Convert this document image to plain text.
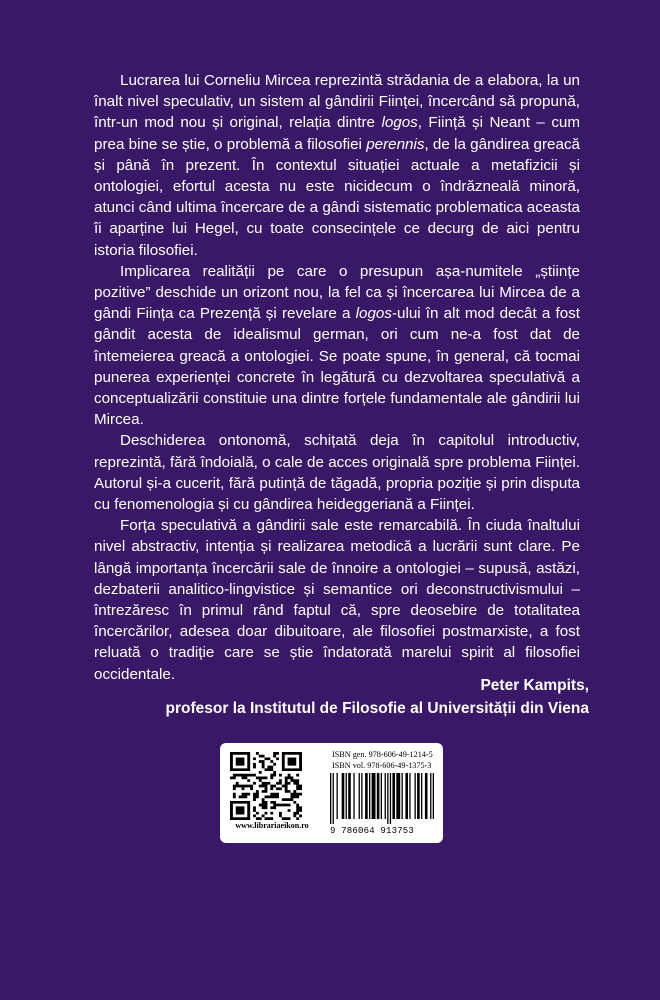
Lucrarea lui Corneliu Mircea reprezintă strădania de a elabora, la un înalt nivel speculativ, un sistem al gândirii Ființei, încercând să propună, într-un mod nou și original, relația dintre logos, Ființă și Neant – cum prea bine se știe, o problemă a filosofiei perennis, de la gândirea greacă și până în prezent. În contextul situației actuale a metafizicii și ontologiei, efortul acesta nu este nicidecum o îndrăzneală minoră, atunci când ultima încercare de a gândi sistematic problematica aceasta îi aparține lui Hegel, cu toate consecințele ce decurg de aici pentru istoria filosofiei.

Implicarea realității pe care o presupun așa-numitele „științe pozitive” deschide un orizont nou, la fel ca și încercarea lui Mircea de a gândi Ființa ca Prezență și revelare a logos-ului în alt mod decât a fost gândit acesta de idealismul german, ori cum ne-a fost dat de întemeierea greacă a ontologiei. Se poate spune, în general, că tocmai punerea experienței concrete în legătură cu dezvoltarea speculativă a conceptualizării constituie una dintre forțele fundamentale ale gândirii lui Mircea.

Deschiderea ontonomă, schițată deja în capitolul introductiv, reprezintă, fără îndoială, o cale de acces originală spre problema Ființei. Autorul și-a cucerit, fără putință de tăgadă, propria poziție și prin disputa cu fenomenologia și cu gândirea heideggeriană a Ființei.

Forța speculativă a gândirii sale este remarcabilă. În ciuda înaltului nivel abstractiv, intenția și realizarea metodică a lucrării sunt clare. Pe lângă importanța încercării sale de înnoire a ontologiei – supusă, astăzi, dezbaterii analitico-lingvistice și semantice ori deconstructivismului – întrezăresc în primul rând faptul că, spre deosebire de totalitatea încercărilor, adesea doar dibuitoare, ale filosofiei postmarxiste, a fost reluată o tradiție care se știe îndatorată marelui spirit al filosofiei occidentale.

Peter Kampits,
profesor la Institutul de Filosofie al Universității din Viena
www.librariaeikon.ro
ISBN gen. 978-606-49-1214-5
ISBN vol. 978-606-49-1375-3
9 786064 913753
